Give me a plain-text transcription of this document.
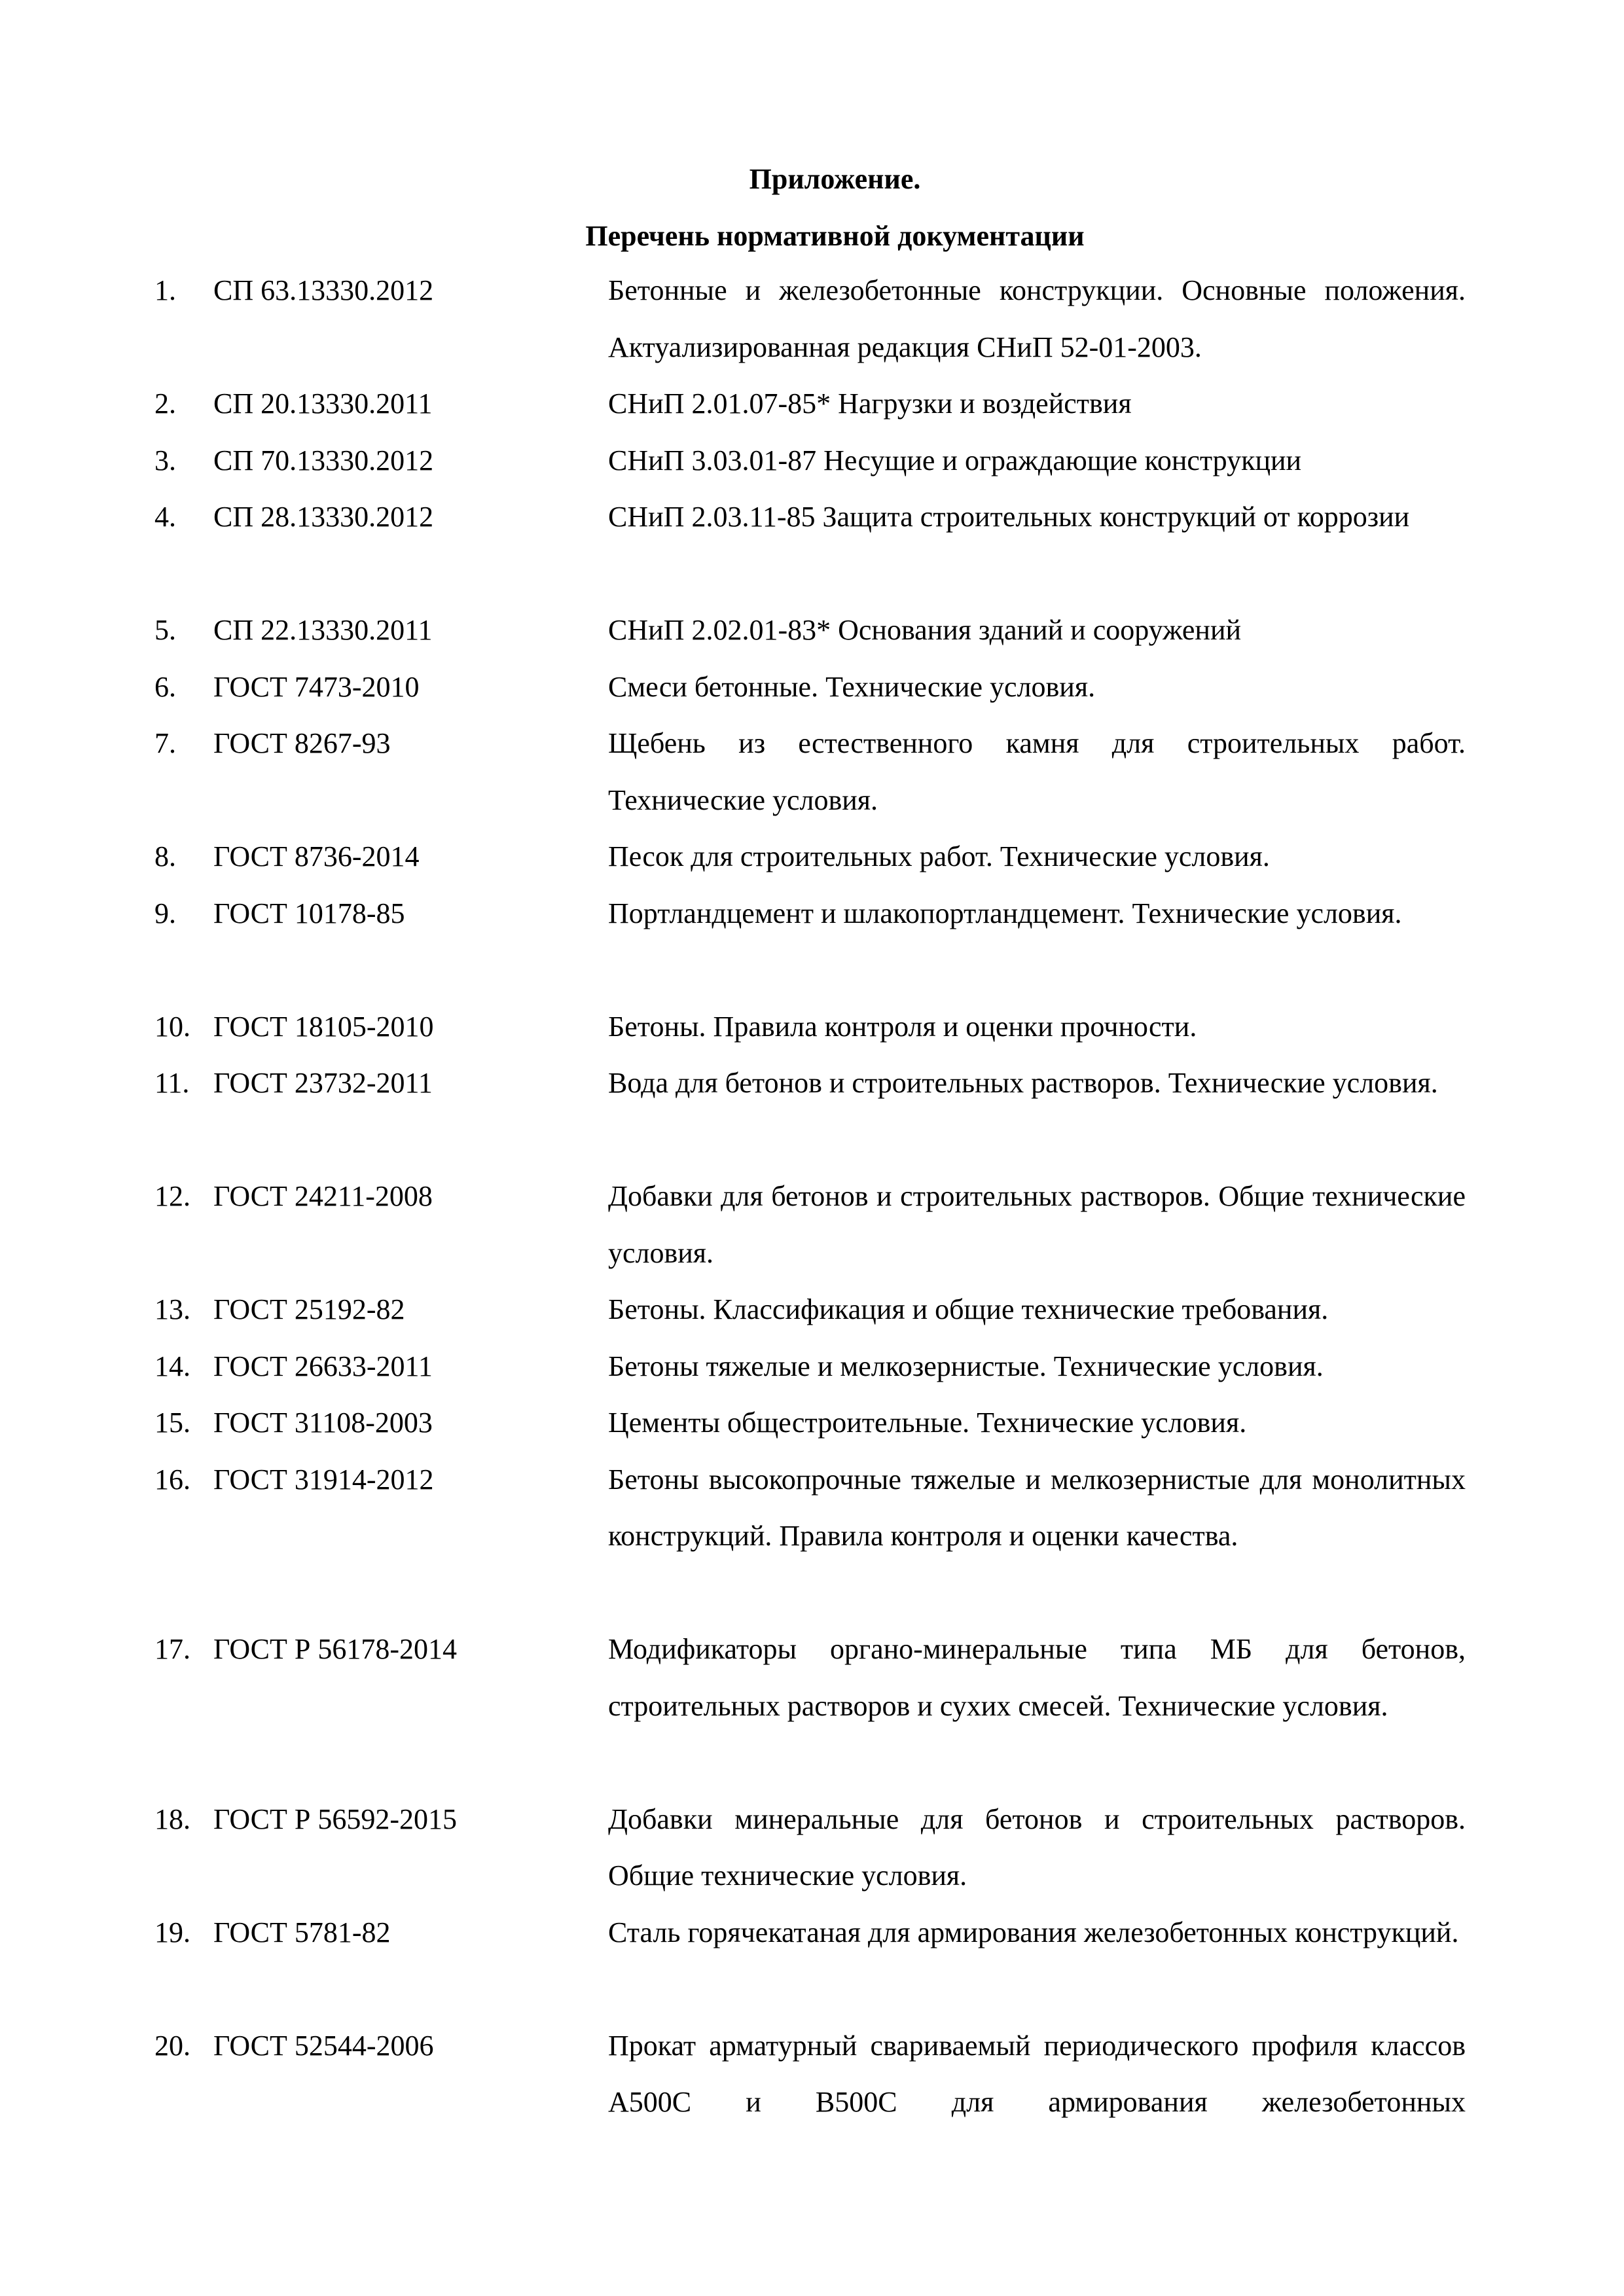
Приложение.
Перечень нормативной документации
1.	СП 63.13330.2012	Бетонные и железобетонные конструкции. Основные положения. Актуализированная редакция СНиП 52-01-2003.
2.	СП 20.13330.2011	СНиП 2.01.07-85* Нагрузки и воздействия
3.	СП 70.13330.2012	СНиП 3.03.01-87 Несущие и ограждающие конструкции
4.	СП 28.13330.2012	СНиП 2.03.11-85 Защита строительных конструкций от коррозии
5.	СП 22.13330.2011	СНиП 2.02.01-83* Основания зданий и сооружений
6.	ГОСТ 7473-2010	Смеси бетонные. Технические условия.
7.	ГОСТ 8267-93	Щебень из естественного камня для строительных работ. Технические условия.
8.	ГОСТ 8736-2014	Песок для строительных работ. Технические условия.
9.	ГОСТ 10178-85	Портландцемент и шлакопортландцемент. Технические условия.
10. ГОСТ 18105-2010	Бетоны. Правила контроля и оценки прочности.
11. ГОСТ 23732-2011	Вода для бетонов и строительных растворов. Технические условия.
12. ГОСТ 24211-2008	Добавки для бетонов и строительных растворов. Общие технические условия.
13. ГОСТ 25192-82	Бетоны. Классификация и общие технические требования.
14. ГОСТ 26633-2011	Бетоны тяжелые и мелкозернистые. Технические условия.
15. ГОСТ 31108-2003	Цементы общестроительные. Технические условия.
16. ГОСТ 31914-2012	Бетоны высокопрочные тяжелые и мелкозернистые для монолитных конструкций. Правила контроля и оценки качества.
17. ГОСТ Р 56178-2014	Модификаторы органо-минеральные типа МБ для бетонов, строительных растворов и сухих смесей. Технические условия.
18. ГОСТ Р 56592-2015	Добавки минеральные для бетонов и строительных растворов. Общие технические условия.
19. ГОСТ 5781-82	Сталь горячекатаная для армирования железобетонных конструкций.
20. ГОСТ 52544-2006	Прокат арматурный свариваемый периодического профиля классов А500С и В500С для армирования железобетонных
